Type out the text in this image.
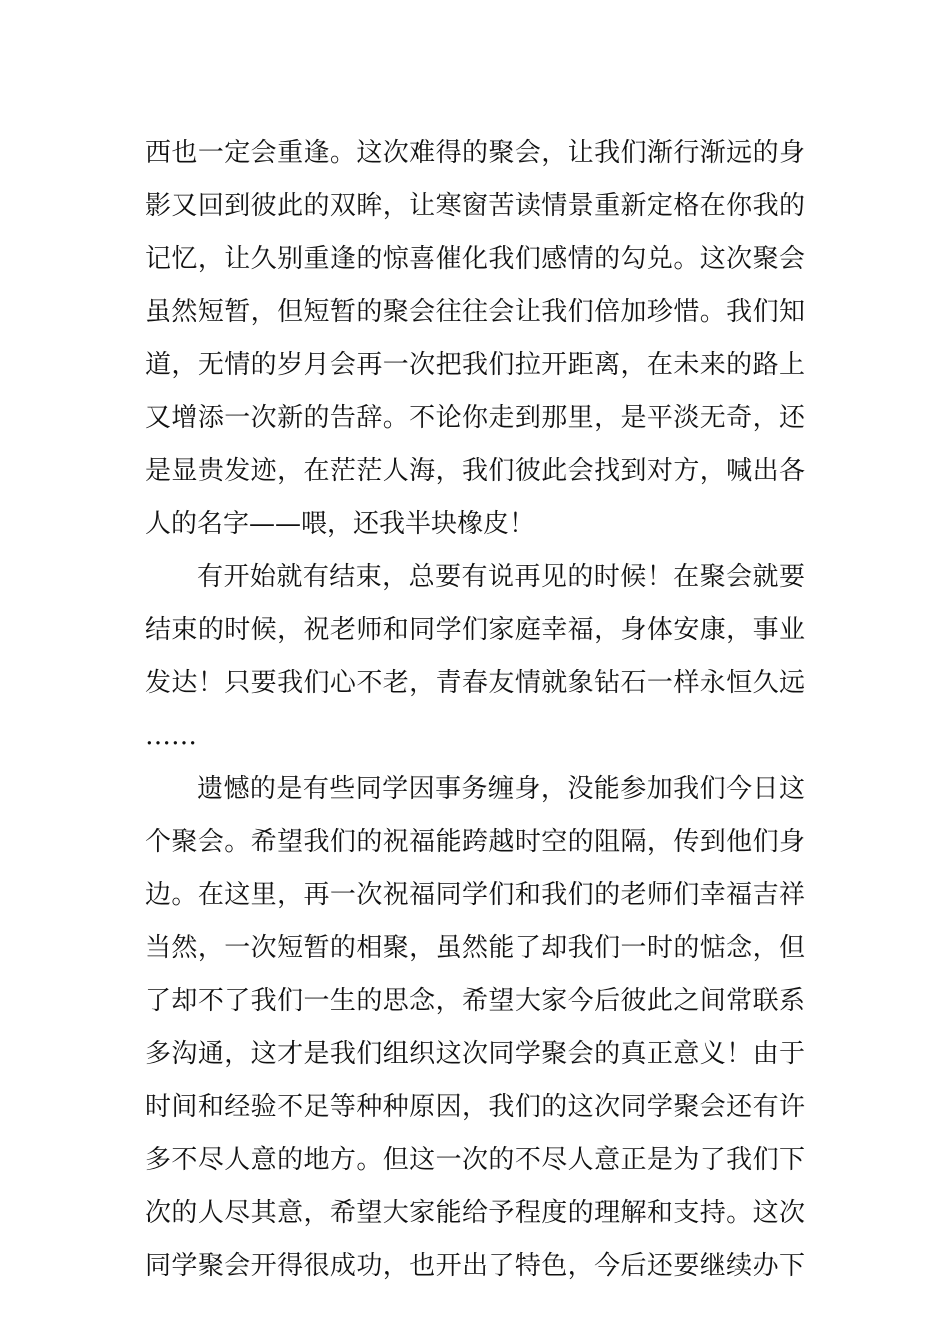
西也一定会重逢。这次难得的聚会，让我们渐行渐远的身
影又回到彼此的双眸，让寒窗苦读情景重新定格在你我的
记忆，让久别重逢的惊喜催化我们感情的勾兑。这次聚会
虽然短暂，但短暂的聚会往往会让我们倍加珍惜。我们知
道，无情的岁月会再一次把我们拉开距离，在未来的路上
又增添一次新的告辞。不论你走到那里，是平淡无奇，还
是显贵发迹，在茫茫人海，我们彼此会找到对方，喊出各
人的名字——喂，还我半块橡皮！
有开始就有结束，总要有说再见的时候！在聚会就要
结束的时候，祝老师和同学们家庭幸福，身体安康，事业
发达！只要我们心不老，青春友情就象钻石一样永恒久远
……
遗憾的是有些同学因事务缠身，没能参加我们今日这
个聚会。希望我们的祝福能跨越时空的阻隔，传到他们身
边。在这里，再一次祝福同学们和我们的老师们幸福吉祥
当然，一次短暂的相聚，虽然能了却我们一时的惦念，但
了却不了我们一生的思念，希望大家今后彼此之间常联系
多沟通，这才是我们组织这次同学聚会的真正意义！由于
时间和经验不足等种种原因，我们的这次同学聚会还有许
多不尽人意的地方。但这一次的不尽人意正是为了我们下
次的人尽其意，希望大家能给予程度的理解和支持。这次
同学聚会开得很成功，也开出了特色，今后还要继续办下
